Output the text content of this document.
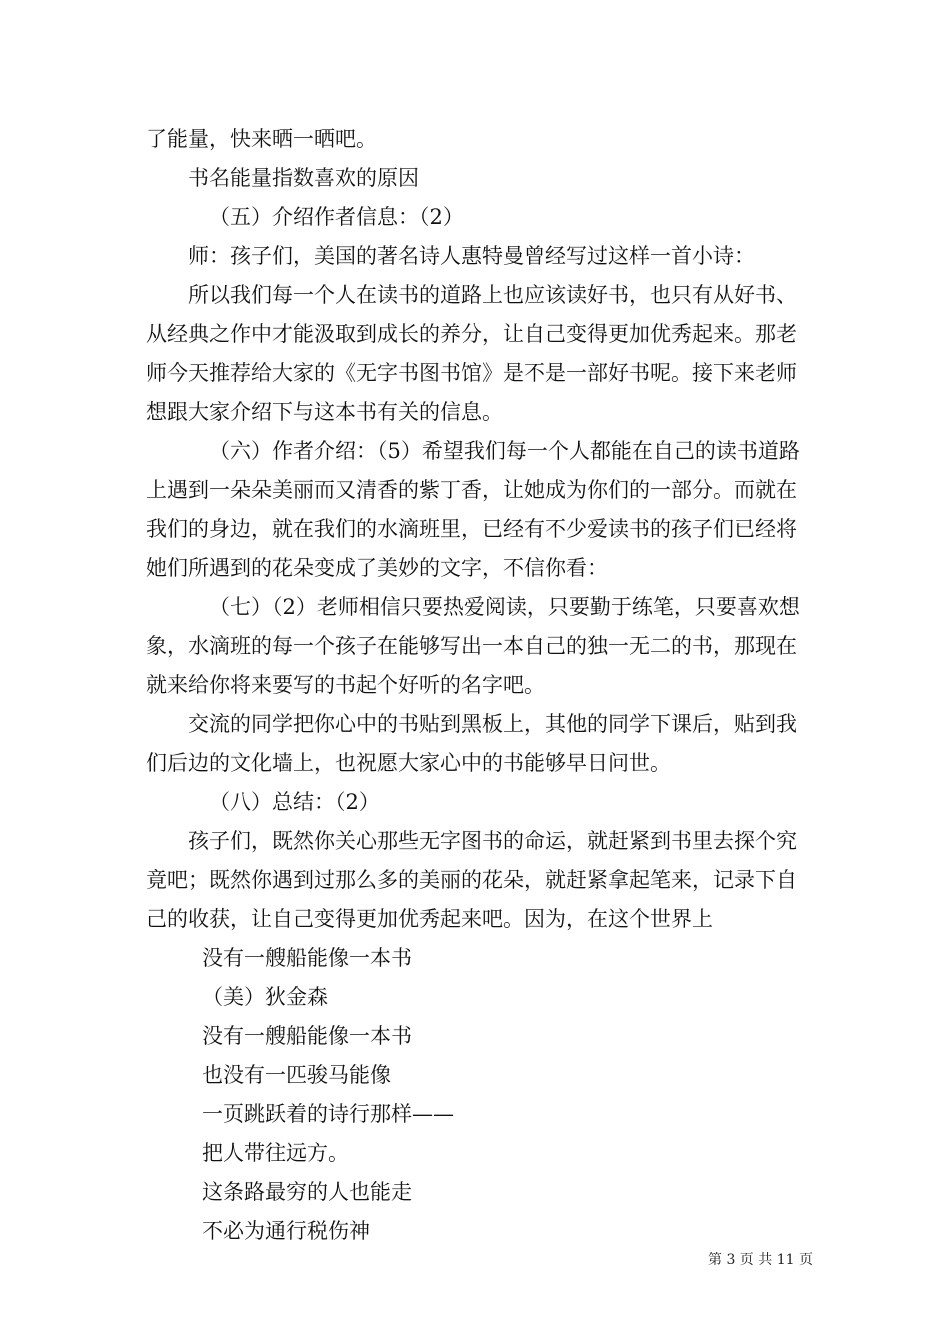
了能量，快来晒一晒吧。

书名能量指数喜欢的原因

（五）介绍作者信息：（2）

师：孩子们，美国的著名诗人惠特曼曾经写过这样一首小诗：

所以我们每一个人在读书的道路上也应该读好书，也只有从好书、从经典之作中才能汲取到成长的养分，让自己变得更加优秀起来。那老师今天推荐给大家的《无字书图书馆》是不是一部好书呢。接下来老师想跟大家介绍下与这本书有关的信息。

（六）作者介绍：（5）希望我们每一个人都能在自己的读书道路上遇到一朵朵美丽而又清香的紫丁香，让她成为你们的一部分。而就在我们的身边，就在我们的水滴班里，已经有不少爱读书的孩子们已经将她们所遇到的花朵变成了美妙的文字，不信你看：

（七）（2）老师相信只要热爱阅读，只要勤于练笔，只要喜欢想象，水滴班的每一个孩子在能够写出一本自己的独一无二的书，那现在就来给你将来要写的书起个好听的名字吧。

交流的同学把你心中的书贴到黑板上，其他的同学下课后，贴到我们后边的文化墙上，也祝愿大家心中的书能够早日问世。

（八）总结：（2）

孩子们，既然你关心那些无字图书的命运，就赶紧到书里去探个究竟吧；既然你遇到过那么多的美丽的花朵，就赶紧拿起笔来，记录下自己的收获，让自己变得更加优秀起来吧。因为，在这个世界上

没有一艘船能像一本书

（美）狄金森

没有一艘船能像一本书

也没有一匹骏马能像

一页跳跃着的诗行那样——

把人带往远方。

这条路最穷的人也能走

不必为通行税伤神

第 3 页 共 11 页
